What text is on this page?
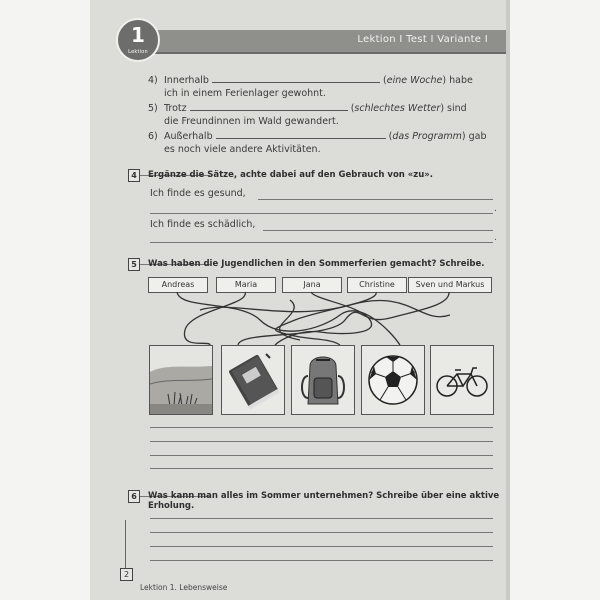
Lektion I Test I Variante I
1
Lektion
4) Innerhalb	(eine Woche) habe
ich in einem Ferienlager gewohnt.
5) Trotz	(schlechtes Wetter) sind
die Freundinnen im Wald gewandert.
6) Außerhalb	(das Programm) gab
es noch viele andere Aktivitäten.
4	Ergänze die Sätze, achte dabei auf den Gebrauch von «zu».
Ich finde es gesund,
.
Ich finde es schädlich,
.
5	Was haben die Jugendlichen in den Sommerferien gemacht? Schreibe.
Andreas	Maria	Jana	Christine	Sven und Markus
6	Was kann man alles im Sommer unternehmen? Schreibe über eine aktive Erholung.
2
Lektion 1. Lebensweise
